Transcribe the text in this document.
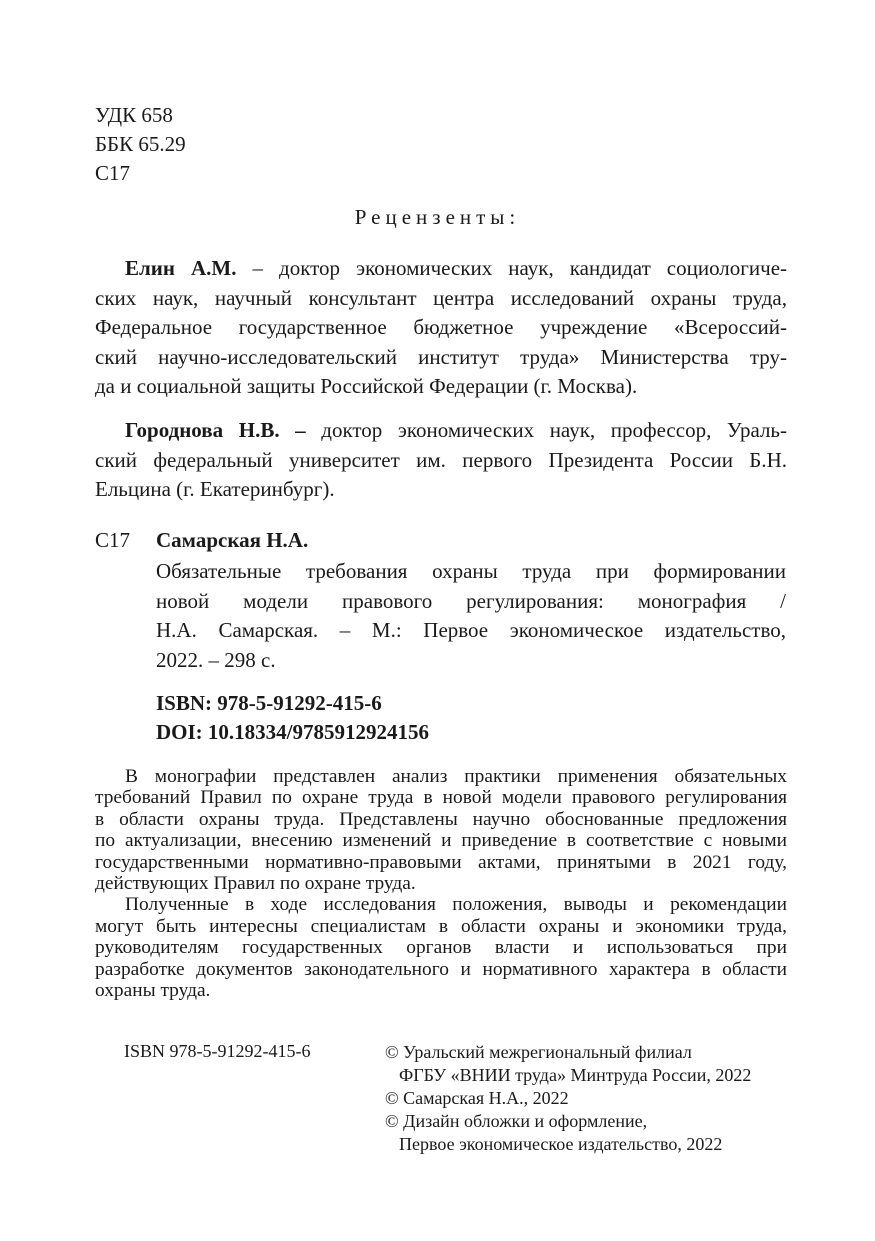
УДК 658
ББК 65.29
С17
Рецензенты:
Елин А.М. – доктор экономических наук, кандидат социологиче-
ских наук, научный консультант центра исследований охраны труда,
Федеральное государственное бюджетное учреждение «Всероссий-
ский научно-исследовательский институт труда» Министерства тру-
да и социальной защиты Российской Федерации (г. Москва).
Городнова Н.В. – доктор экономических наук, профессор, Ураль-
ский федеральный университет им. первого Президента России Б.Н.
Ельцина (г. Екатеринбург).
С17 Самарская Н.А.
Обязательные требования охраны труда при формировании
новой модели правового регулирования: монография /
Н.А. Самарская. – М.: Первое экономическое издательство,
2022. – 298 с.
ISBN: 978-5-91292-415-6
DOI: 10.18334/9785912924156
В монографии представлен анализ практики применения обязательных
требований Правил по охране труда в новой модели правового регулирования
в области охраны труда. Представлены научно обоснованные предложения
по актуализации, внесению изменений и приведение в соответствие с новыми
государственными нормативно-правовыми актами, принятыми в 2021 году,
действующих Правил по охране труда.
Полученные в ходе исследования положения, выводы и рекомендации
могут быть интересны специалистам в области охраны и экономики труда,
руководителям государственных органов власти и использоваться при
разработке документов законодательного и нормативного характера в области
охраны труда.
ISBN 978-5-91292-415-6	© Уральский межрегиональный филиал
ФГБУ «ВНИИ труда» Минтруда России, 2022
© Самарская Н.А., 2022
© Дизайн обложки и оформление,
Первое экономическое издательство, 2022
